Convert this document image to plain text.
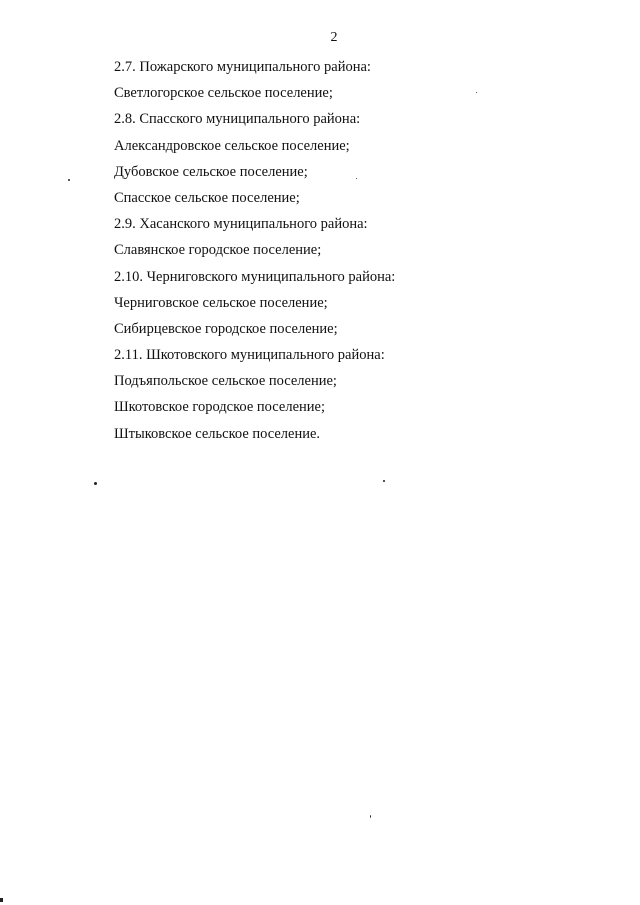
2
2.7. Пожарского муниципального района:
Светлогорское сельское поселение;
2.8. Спасского муниципального района:
Александровское сельское поселение;
Дубовское сельское поселение;
Спасское сельское поселение;
2.9. Хасанского муниципального района:
Славянское городское поселение;
2.10. Черниговского муниципального района:
Черниговское сельское поселение;
Сибирцевское городское поселение;
2.11. Шкотовского муниципального района:
Подъяпольское сельское поселение;
Шкотовское городское поселение;
Штыковское сельское поселение.
